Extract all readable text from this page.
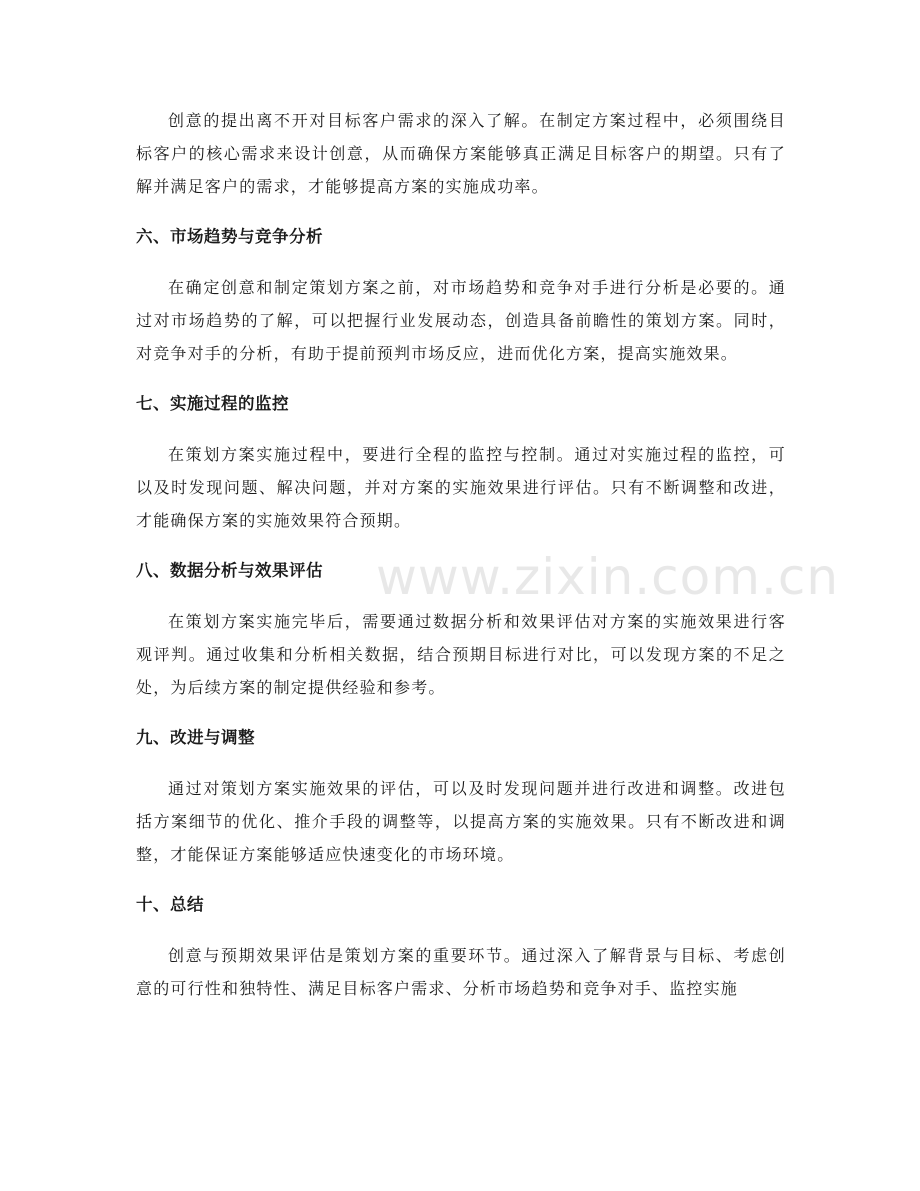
创意的提出离不开对目标客户需求的深入了解。在制定方案过程中，必须围绕目标客户的核心需求来设计创意，从而确保方案能够真正满足目标客户的期望。只有了解并满足客户的需求，才能够提高方案的实施成功率。

六、市场趋势与竞争分析

在确定创意和制定策划方案之前，对市场趋势和竞争对手进行分析是必要的。通过对市场趋势的了解，可以把握行业发展动态，创造具备前瞻性的策划方案。同时，对竞争对手的分析，有助于提前预判市场反应，进而优化方案，提高实施效果。

七、实施过程的监控

在策划方案实施过程中，要进行全程的监控与控制。通过对实施过程的监控，可以及时发现问题、解决问题，并对方案的实施效果进行评估。只有不断调整和改进，才能确保方案的实施效果符合预期。

八、数据分析与效果评估

在策划方案实施完毕后，需要通过数据分析和效果评估对方案的实施效果进行客观评判。通过收集和分析相关数据，结合预期目标进行对比，可以发现方案的不足之处，为后续方案的制定提供经验和参考。

九、改进与调整

通过对策划方案实施效果的评估，可以及时发现问题并进行改进和调整。改进包括方案细节的优化、推介手段的调整等，以提高方案的实施效果。只有不断改进和调整，才能保证方案能够适应快速变化的市场环境。

十、总结

创意与预期效果评估是策划方案的重要环节。通过深入了解背景与目标、考虑创意的可行性和独特性、满足目标客户需求、分析市场趋势和竞争对手、监控实施

www.zixin.com.cn
